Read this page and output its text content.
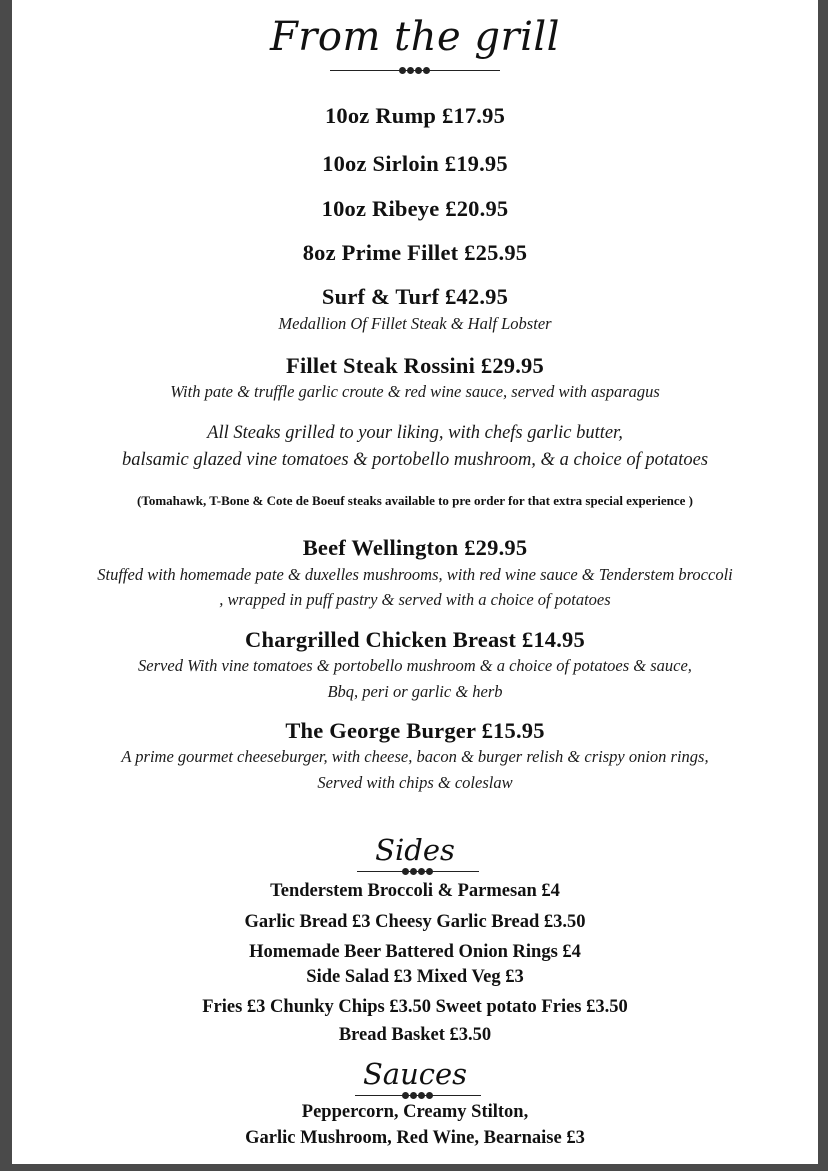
From the grill
10oz Rump £17.95
10oz Sirloin £19.95
10oz Ribeye £20.95
8oz Prime Fillet £25.95
Surf & Turf £42.95
Medallion Of Fillet Steak & Half Lobster
Fillet Steak Rossini £29.95
With pate & truffle garlic croute & red wine sauce, served with asparagus
All Steaks grilled to your liking, with chefs garlic butter,
balsamic glazed vine tomatoes & portobello mushroom, & a choice of potatoes
(Tomahawk, T-Bone & Cote de Boeuf steaks available to pre order for that extra special experience )
Beef Wellington £29.95
Stuffed with homemade pate & duxelles mushrooms, with red wine sauce & Tenderstem broccoli
, wrapped in puff pastry & served with a choice of potatoes
Chargrilled Chicken Breast £14.95
Served With vine tomatoes & portobello mushroom & a choice of potatoes & sauce,
Bbq, peri or garlic & herb
The George Burger £15.95
A prime gourmet cheeseburger, with cheese, bacon & burger relish & crispy onion rings,
Served with chips & coleslaw
Sides
Tenderstem Broccoli & Parmesan £4
Garlic Bread £3 Cheesy Garlic Bread £3.50
Homemade Beer Battered Onion Rings £4
Side Salad £3 Mixed Veg £3
Fries £3 Chunky Chips £3.50 Sweet potato Fries £3.50
Bread Basket £3.50
Sauces
Peppercorn, Creamy Stilton,
Garlic Mushroom, Red Wine, Bearnaise £3
